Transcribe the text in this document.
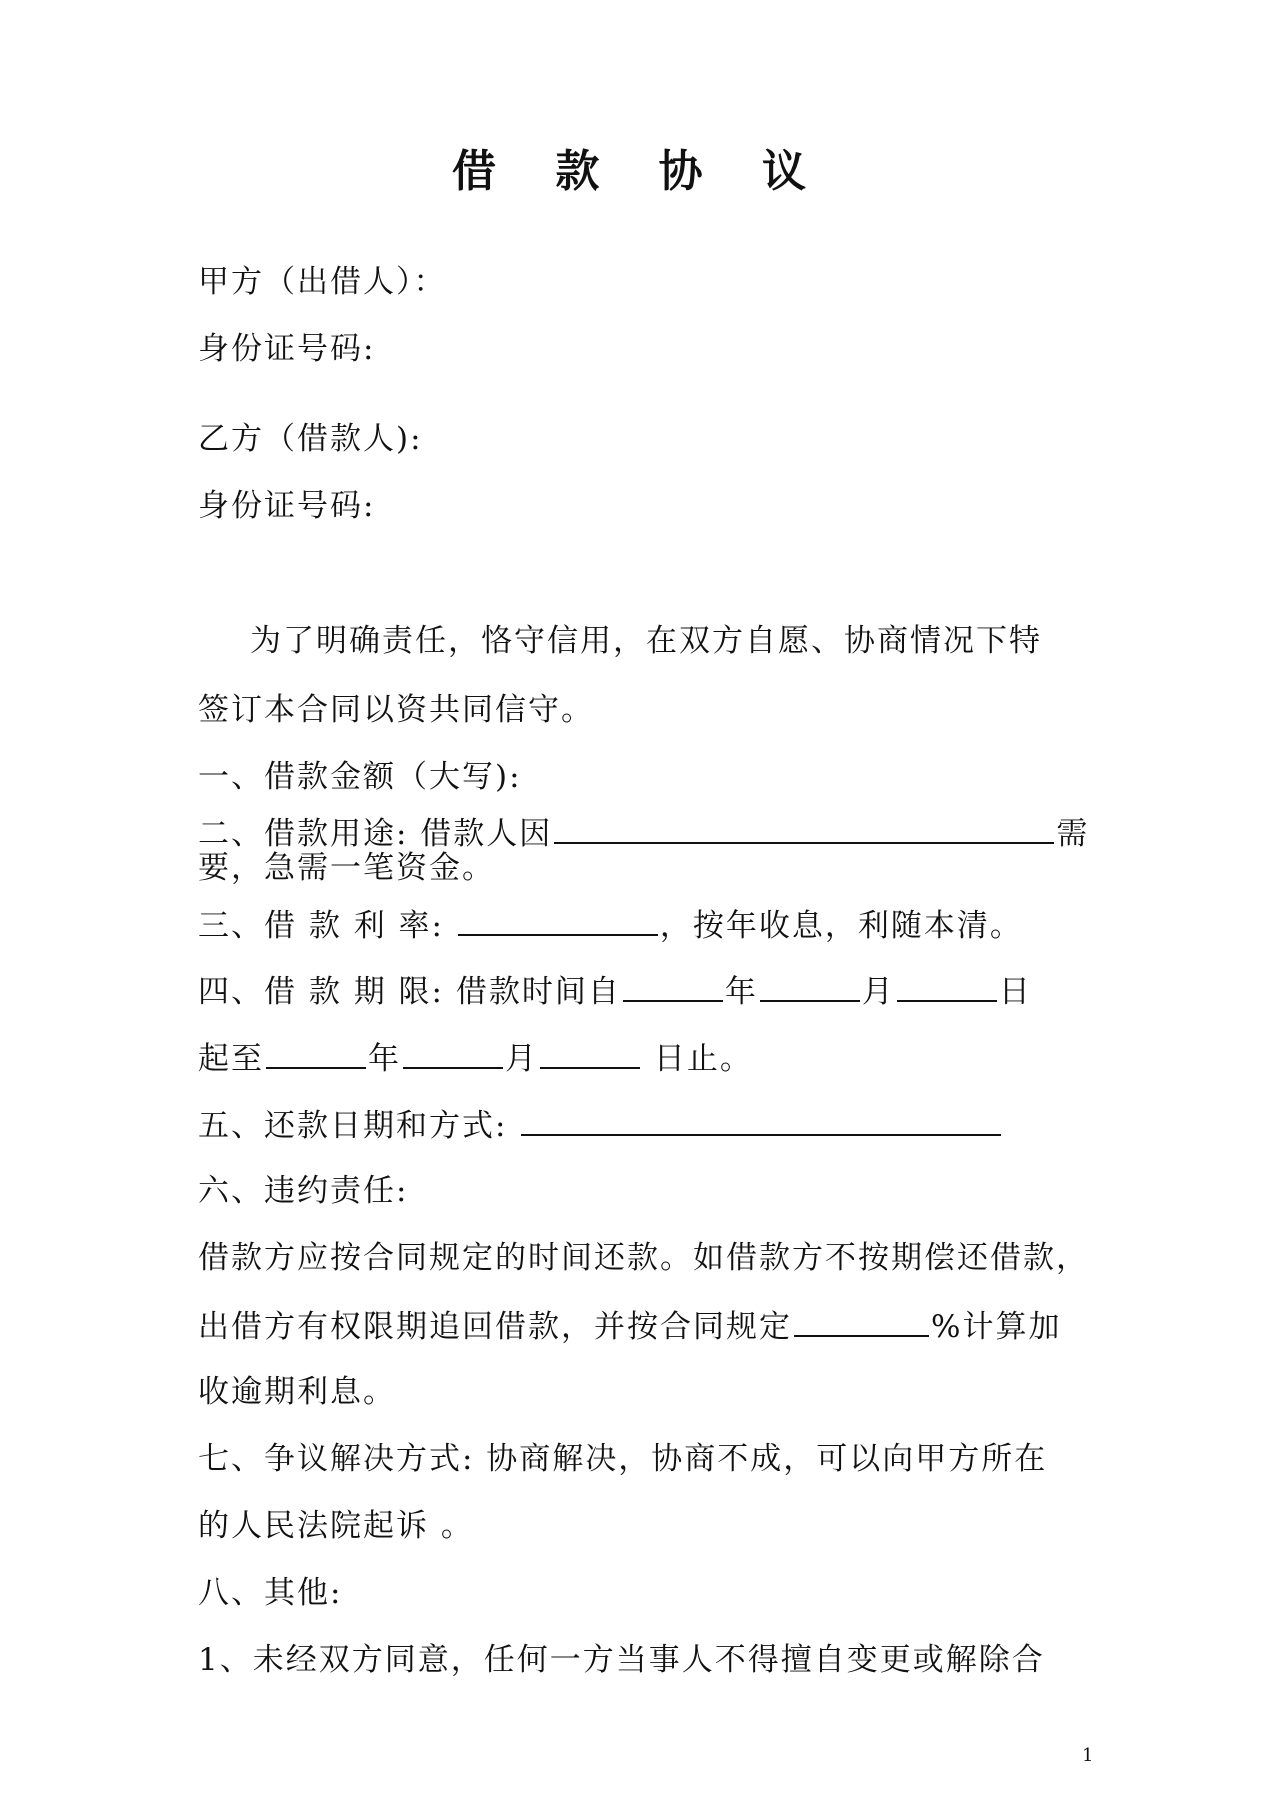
借 款 协 议

甲方（出借人）：

身份证号码:

乙方（借款人):

身份证号码:

为了明确责任，恪守信用，在双方自愿、协商情况下特

签订本合同以资共同信守。

一、借款金额（大写):

二、借款用途: 借款人因	需

要，急需一笔资金。

三、借 款 利 率:	，按年收息，利随本清。

四、借 款 期 限: 借款时间自	年	月	日

起至	年	月	日止。

五、还款日期和方式:

六、违约责任:

借款方应按合同规定的时间还款。如借款方不按期偿还借款，

出借方有权限期追回借款，并按合同规定	%计算加

收逾期利息。

七、争议解决方式: 协商解决，协商不成，可以向甲方所在

的人民法院起诉 。

八、其他:

1、未经双方同意，任何一方当事人不得擅自变更或解除合

1
